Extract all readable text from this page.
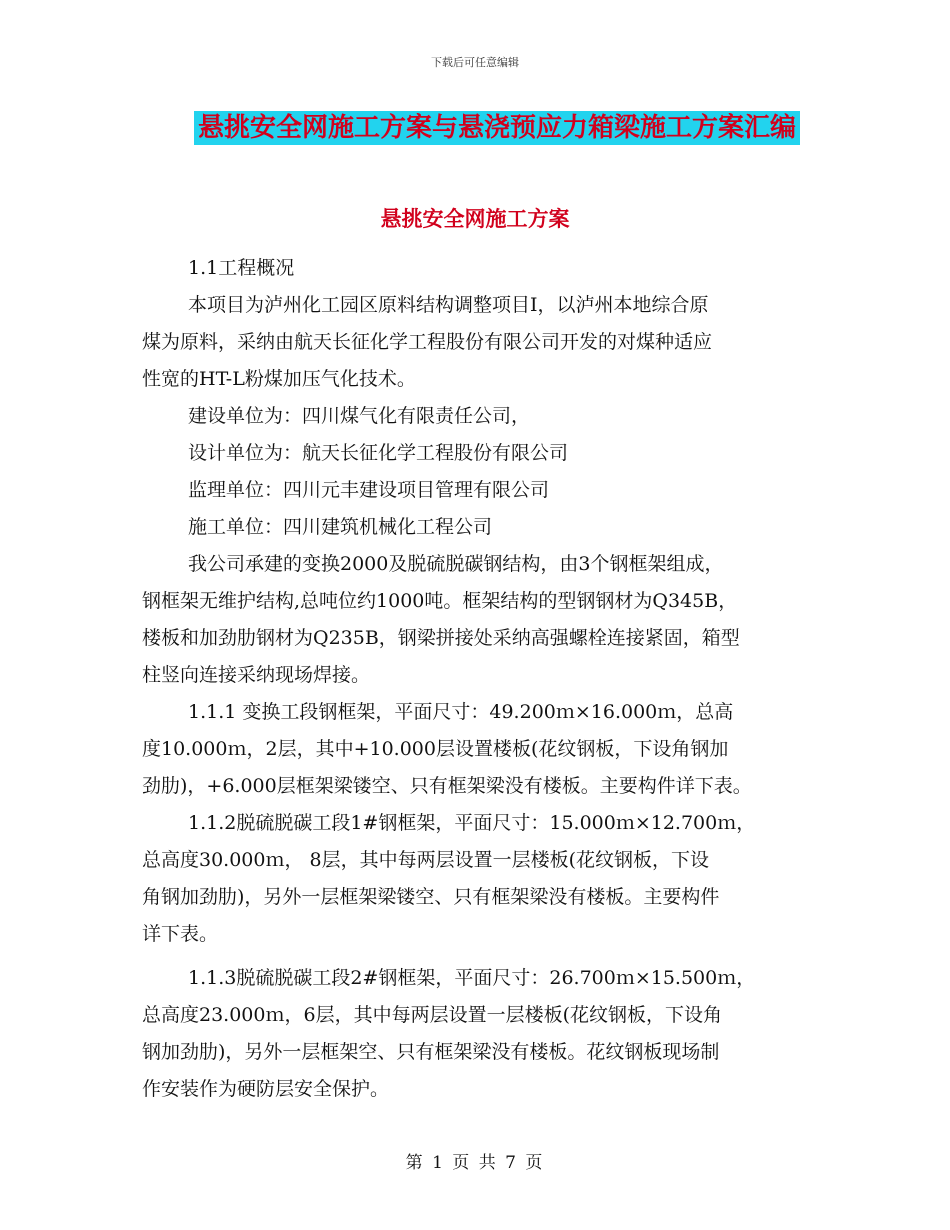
下载后可任意编辑
悬挑安全网施工方案与悬浇预应力箱梁施工方案汇编
悬挑安全网施工方案

1.1工程概况

本项目为泸州化工园区原料结构调整项目Ⅰ，以泸州本地综合原

煤为原料，采纳由航天长征化学工程股份有限公司开发的对煤种适应

性宽的HT-L粉煤加压气化技术。

建设单位为：四川煤气化有限责任公司，

设计单位为：航天长征化学工程股份有限公司

监理单位：四川元丰建设项目管理有限公司

施工单位：四川建筑机械化工程公司

我公司承建的变换2000及脱硫脱碳钢结构，由3个钢框架组成，

钢框架无维护结构,总吨位约1000吨。框架结构的型钢钢材为Q345B，

楼板和加劲肋钢材为Q235B，钢梁拼接处采纳高强螺栓连接紧固，箱型

柱竖向连接采纳现场焊接。

1.1.1 变换工段钢框架，平面尺寸：49.200ｍ×16.000ｍ，总高

度10.000ｍ，2层，其中+10.000层设置楼板(花纹钢板，下设角钢加

劲肋)，+6.000层框架梁镂空、只有框架梁没有楼板。主要构件详下表。

1.1.2脱硫脱碳工段1#钢框架，平面尺寸：15.000ｍ×12.700ｍ，

总高度30.000ｍ， 8层，其中每两层设置一层楼板(花纹钢板，下设

角钢加劲肋)，另外一层框架梁镂空、只有框架梁没有楼板。主要构件

详下表。

1.1.3脱硫脱碳工段2#钢框架，平面尺寸：26.700ｍ×15.500ｍ，

总高度23.000ｍ，6层，其中每两层设置一层楼板(花纹钢板，下设角

钢加劲肋)，另外一层框架空、只有框架梁没有楼板。花纹钢板现场制

作安装作为硬防层安全保护。

第 1 页 共 7 页
